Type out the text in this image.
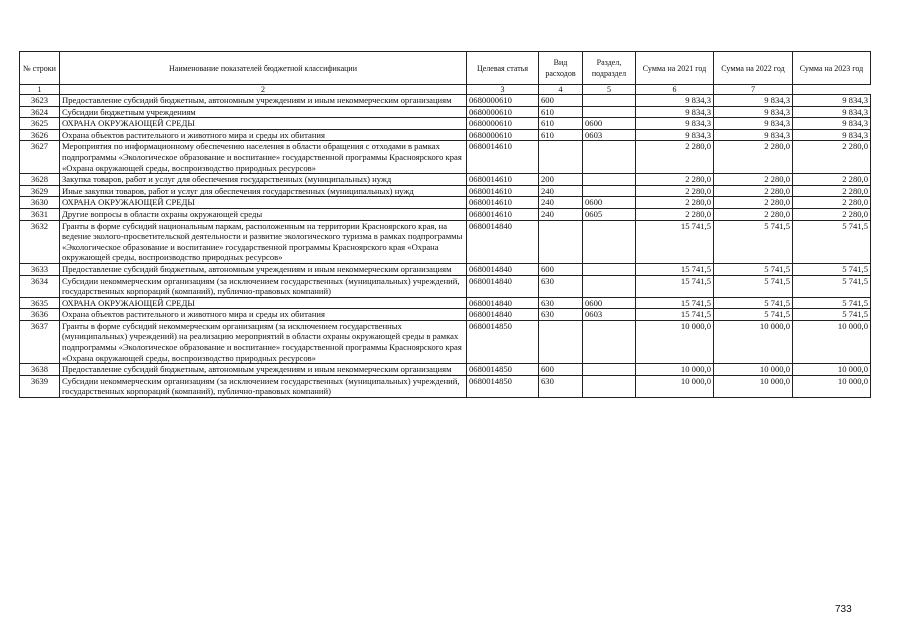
№ строки	Наименование показателей бюджетной классификации	Целевая статья	Вид расходов	Раздел, подраздел	Сумма на 2021 год	Сумма на 2022 год	Сумма на 2023 год
1	2	3	4	5	6	7	
3623	Предоставление субсидий бюджетным, автономным учреждениям и иным некоммерческим организациям	0680000610	600		9 834,3	9 834,3	9 834,3
3624	Субсидии бюджетным учреждениям	0680000610	610		9 834,3	9 834,3	9 834,3
3625	ОХРАНА ОКРУЖАЮЩЕЙ СРЕДЫ	0680000610	610	0600	9 834,3	9 834,3	9 834,3
3626	Охрана объектов растительного и животного мира и среды их обитания	0680000610	610	0603	9 834,3	9 834,3	9 834,3
3627	Мероприятия по информационному обеспечению населения в области обращения с отходами в рамках подпрограммы «Экологическое образование и воспитание» государственной программы Красноярского края «Охрана окружающей среды, воспроизводство природных ресурсов»	0680014610			2 280,0	2 280,0	2 280,0
3628	Закупка товаров, работ и услуг для обеспечения государственных (муниципальных) нужд	0680014610	200		2 280,0	2 280,0	2 280,0
3629	Иные закупки товаров, работ и услуг для обеспечения государственных (муниципальных) нужд	0680014610	240		2 280,0	2 280,0	2 280,0
3630	ОХРАНА ОКРУЖАЮЩЕЙ СРЕДЫ	0680014610	240	0600	2 280,0	2 280,0	2 280,0
3631	Другие вопросы в области охраны окружающей среды	0680014610	240	0605	2 280,0	2 280,0	2 280,0
3632	Гранты в форме субсидий национальным паркам, расположенным на территории Красноярского края, на ведение эколого-просветительской деятельности и развитие экологического туризма в рамках подпрограммы «Экологическое образование и воспитание» государственной программы Красноярского края «Охрана окружающей среды, воспроизводство природных ресурсов»	0680014840			15 741,5	5 741,5	5 741,5
3633	Предоставление субсидий бюджетным, автономным учреждениям и иным некоммерческим организациям	0680014840	600		15 741,5	5 741,5	5 741,5
3634	Субсидии некоммерческим организациям (за исключением государственных (муниципальных) учреждений, государственных корпораций (компаний), публично-правовых компаний)	0680014840	630		15 741,5	5 741,5	5 741,5
3635	ОХРАНА ОКРУЖАЮЩЕЙ СРЕДЫ	0680014840	630	0600	15 741,5	5 741,5	5 741,5
3636	Охрана объектов растительного и животного мира и среды их обитания	0680014840	630	0603	15 741,5	5 741,5	5 741,5
3637	Гранты в форме субсидий некоммерческим организациям (за исключением государственных (муниципальных) учреждений) на реализацию мероприятий в области охраны окружающей среды в рамках подпрограммы «Экологическое образование и воспитание» государственной программы Красноярского края «Охрана окружающей среды, воспроизводство природных ресурсов»	0680014850			10 000,0	10 000,0	10 000,0
3638	Предоставление субсидий бюджетным, автономным учреждениям и иным некоммерческим организациям	0680014850	600		10 000,0	10 000,0	10 000,0
3639	Субсидии некоммерческим организациям (за исключением государственных (муниципальных) учреждений, государственных корпораций (компаний), публично-правовых компаний)	0680014850	630		10 000,0	10 000,0	10 000,0
733
